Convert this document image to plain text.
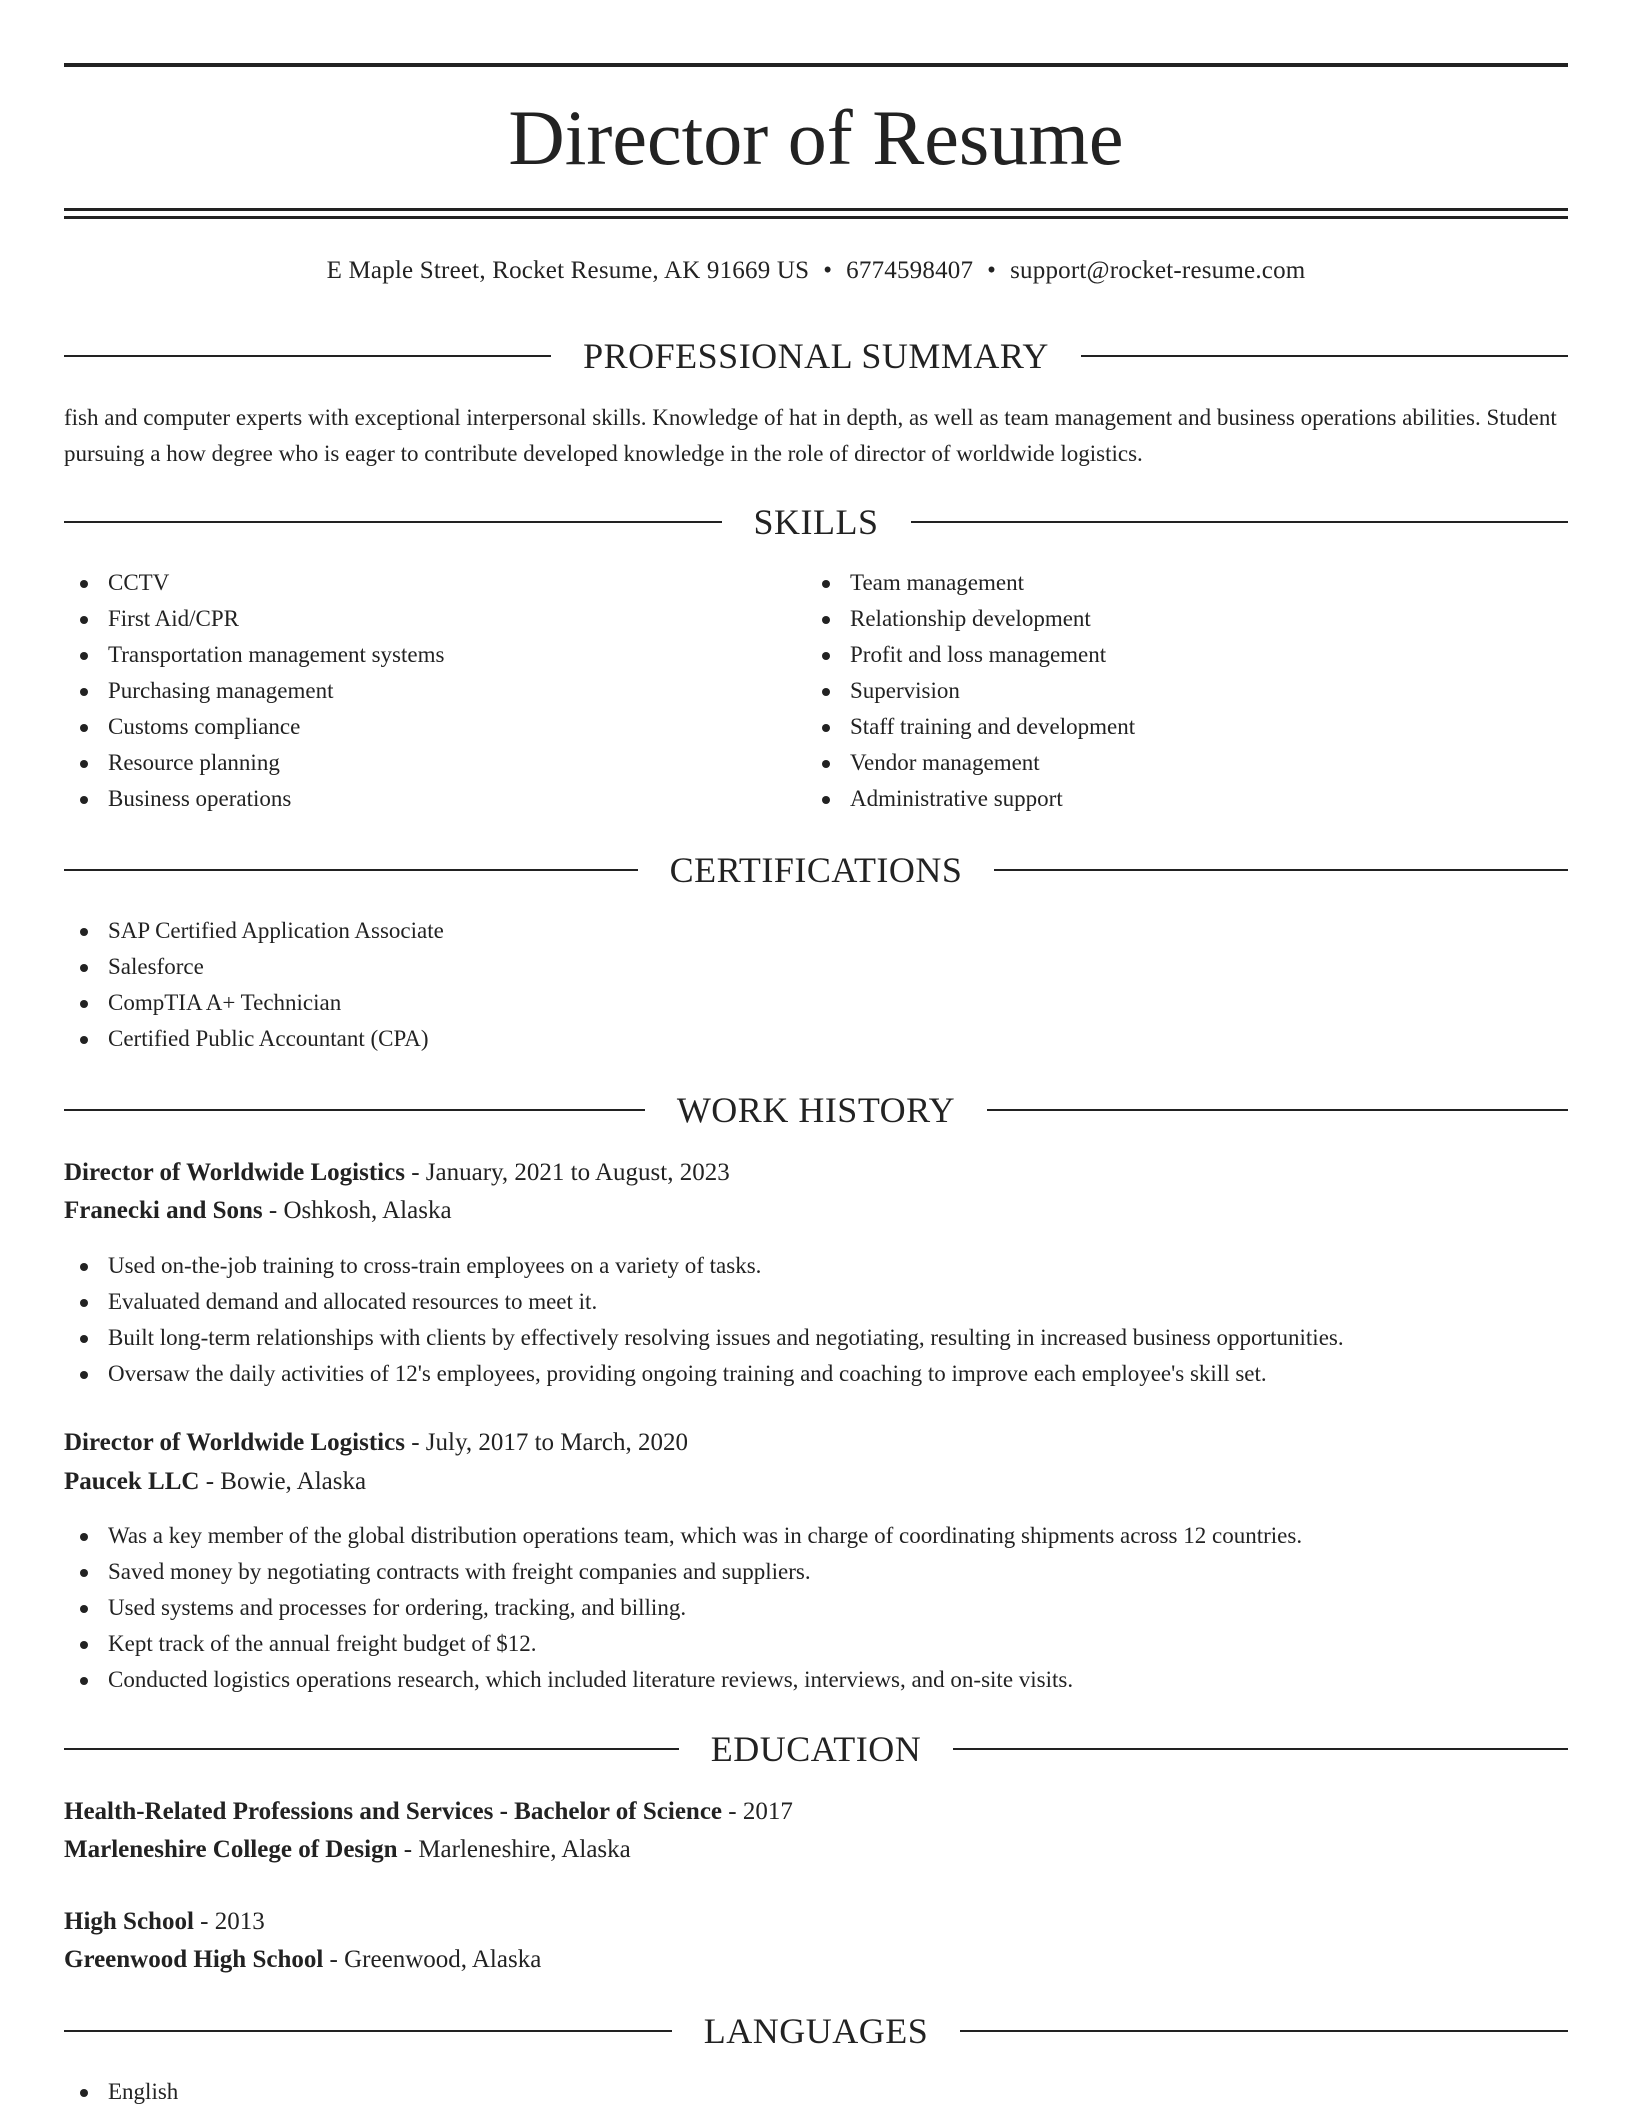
Director of Resume
E Maple Street, Rocket Resume, AK 91669 US • 6774598407 • support@rocket-resume.com
PROFESSIONAL SUMMARY
fish and computer experts with exceptional interpersonal skills. Knowledge of hat in depth, as well as team management and business operations abilities. Student pursuing a how degree who is eager to contribute developed knowledge in the role of director of worldwide logistics.
SKILLS
CCTV
First Aid/CPR
Transportation management systems
Purchasing management
Customs compliance
Resource planning
Business operations
Team management
Relationship development
Profit and loss management
Supervision
Staff training and development
Vendor management
Administrative support
CERTIFICATIONS
SAP Certified Application Associate
Salesforce
CompTIA A+ Technician
Certified Public Accountant (CPA)
WORK HISTORY
Director of Worldwide Logistics - January, 2021 to August, 2023
Franecki and Sons - Oshkosh, Alaska
Used on-the-job training to cross-train employees on a variety of tasks.
Evaluated demand and allocated resources to meet it.
Built long-term relationships with clients by effectively resolving issues and negotiating, resulting in increased business opportunities.
Oversaw the daily activities of 12's employees, providing ongoing training and coaching to improve each employee's skill set.
Director of Worldwide Logistics - July, 2017 to March, 2020
Paucek LLC - Bowie, Alaska
Was a key member of the global distribution operations team, which was in charge of coordinating shipments across 12 countries.
Saved money by negotiating contracts with freight companies and suppliers.
Used systems and processes for ordering, tracking, and billing.
Kept track of the annual freight budget of $12.
Conducted logistics operations research, which included literature reviews, interviews, and on-site visits.
EDUCATION
Health-Related Professions and Services - Bachelor of Science - 2017
Marleneshire College of Design - Marleneshire, Alaska
High School - 2013
Greenwood High School - Greenwood, Alaska
LANGUAGES
English
